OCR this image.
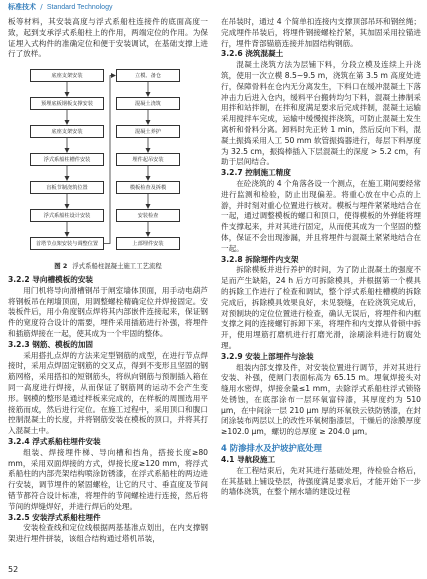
标准技术 / Standard Technology

板等材料，其安装高度与浮式系船柱连接件的底面高度一致，起到支承浮式系船柱上的作用，两端定位的作用。为保证埋入式构件的准确定位和便于安装调试，在基础支撑上进行了放样。

底座支架安装
预埋底板钢板支撑安装
底座支架安装
浮式系船柱槽件安装
盲板节制浇筑位置
浮式系船柱设计安装
首塔节点架安装与调整位置
立模、备仓
混凝土浇筑
混凝土养护
埋件起吊安装
模板检查及拆模
安装检查
上部埋件安装
图 2 浮式系船柱混凝土施工工艺流程
3.2.2 导向槽模板的安装

用门机将导向滑槽钢吊于闸室墙体顶面，用手动电葫芦将钢板吊在闸墙顶面，用调整螺栓精确定位并焊接固定。安装板件后，用小角度钢点焊将其内部嵌件连接起来，保证钢件的宽度符合设计的需要，埋件采用插筋进行补强，将埋件和插筋焊接在一起，使其成为一个牢固的整体。

3.2.3 钢筋、模板的加固

采用搭扎点焊的方法来定型钢筋的成型，在进行节点焊接时，采用点焊固定钢筋的交叉点，得到不变形且坚固的钢筋网格，采用搭扣的短钢筋头，将纵向钢筋与预制插入箱在同一高度进行焊接，从而保证了钢筋网的运动不会产生变形。钢模的整形是通过样板来完成的，在样板的周围选用平接筋而成，然后进行定位。在施工过程中，采用顶口和腹口控制混凝土的长度，并将钢筋安装在模板的顶口，并将其打入混凝土中。

3.2.4 浮式系船柱埋件安装

组装、焊接埋件梯、导向槽和挡角，搭接长度≥80 mm，采用双面焊接的方式，焊接长度≥120 mm，将浮式系船柱的内部壳架结构喷涂防锈漆，在浮式系船柱的两边进行安装，调节埋件的紧固螺栓，让它的尺寸、垂直度及节间错节都符合设计标准，将埋件的节间螺栓进行连接，然后将节间的焊缝焊好，并进行焊后的处理。

3.2.5 安装浮式系船柱埋件

安装检查线和定位线根据两基基准点划出，在内支撑钢架进行埋件拼装，该组合结构通过塔机吊装，

在吊装时，通过 4 个简单扣连接内支撑顶部吊环和钢丝绳；完成埋件吊装后，将埋件钢接螺栓拧紧，其加固采用拉锚进行，埋件背部锚筋连接并加固结构钢筋。

3.2.6 浇筑混凝土

混凝土浇筑方法为层铺下料，分段立模及连续上升浇筑，使用一次立模 8.5~9.5 m，浇筑在第 3.5 m 高度处进行，保障骨料在仓内无分离发生，下料口在缓冲混凝土下落冲击力后进入仓内，缓料平台搬转均匀下料，混凝土掺制采用拌和站拌制，在拌和度满足要求后完成拌制，混凝土运输采用搅拌车完成，运输中缓慢搅拌浇筑，可防止混凝土发生离析和骨料分离。卸料时先正转 1 min，然后反向下料，混凝土振捣采用人工 50 mm 软管振捣器进行，每层下料厚度为 32.5 cm，振捣棒插入下层混凝土的深度 > 5.2 cm，有助于层间结合。

3.2.7 控制施工精度

在砼浇筑的 4 个角落各设一个测点，在施工期间要经常进行监测和检验，防止出现偏差。将重心放在中心点的上游，并时刻对重心位置进行核对。模板与埋件紧紧地结合在一起，通过调整模板的螺口和顶口，使得模板的外弹能将埋件支撑起来，并对其进行固定，从而使其成为一个坚固的整体，保证不会出现渗漏，并且将埋件与混凝土紧紧地结合在一起。

3.2.8 拆除埋件内支架

拆除模板并进行养护的时间，为了防止混凝土的强度不足而产生缺陷，24 h 后方可拆除模具，并根据第一个模具的拆除工作进行了检查和调试，整个浮式系船柱槽模的拆除完成后，拆除模具效果良好，未见裂缝，在砼浇筑完成后，对预制块的定位位置进行检查，确认无误后，将埋件和内框支撑之间的连接螺钉拆卸下来，将埋件和内支撑从骨锁中拆开，使用埋筋打磨机进行打磨光滑，涂刷涂料进行防腐处理。

3.2.9 安装上部埋件与涂装

组装内部支撑及件，对安装位置进行调节，并对其进行安装、补强，使闸门表面标高为 65.15 m。埋氧焊接头对缝用水密焊，焊接余量≤1 mm，去除浮式系船柱浮式锁铬处锈蚀，在底部涂布一层环氧富锌漆，其厚度约为 510 μm，在中间涂一层 210 μm 厚的环氧铁云铁防锈漆，在封闭涂装布两层以上的改性环氧树脂漆层，干燥后的涂膜厚度 ≥102.0 μm，螺切的总厚度 ≥ 204.0 μm。

4 防渗排水及护坡护底处理
4.1 导航段施工

在工程结束后，先对其进行基础处理，待检验合格后，在其基础上铺设垫层，待强度满足要求后，才能开始下一步的墙体浇筑，在整个闸水墙的建设过程

52
